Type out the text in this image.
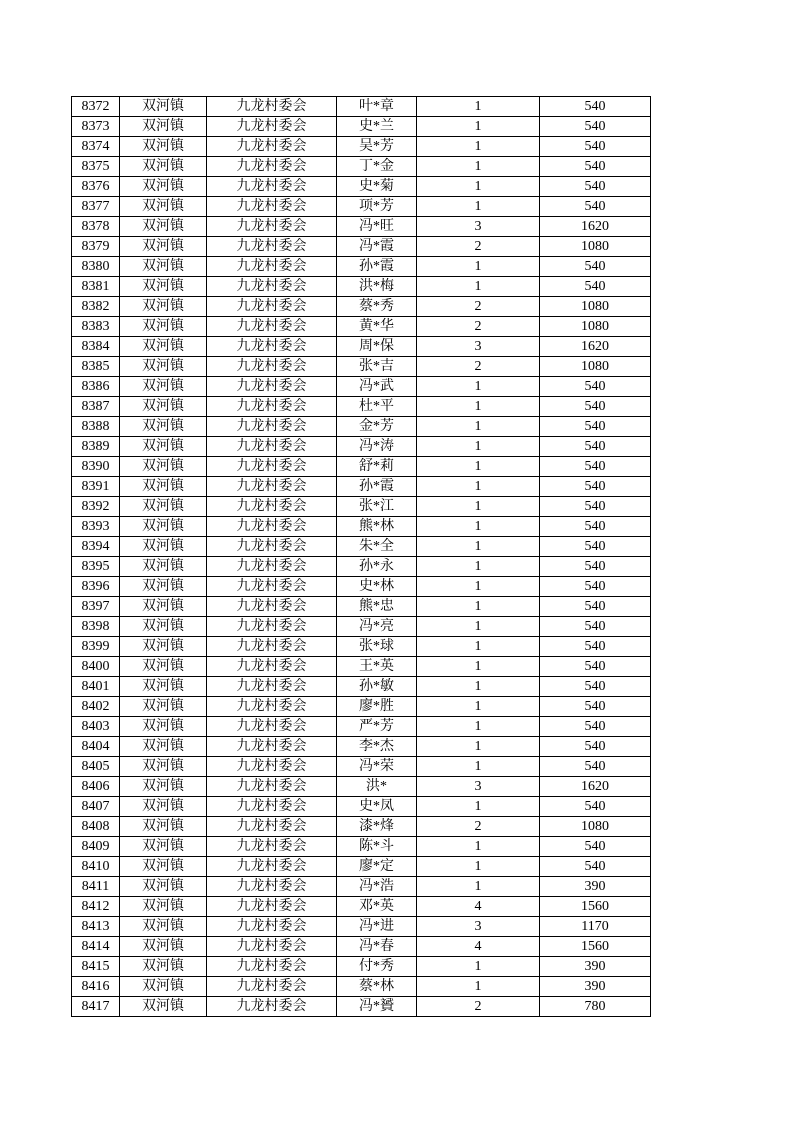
8372	双河镇	九龙村委会	叶*章	1	540
8373	双河镇	九龙村委会	史*兰	1	540
8374	双河镇	九龙村委会	吴*芳	1	540
8375	双河镇	九龙村委会	丁*金	1	540
8376	双河镇	九龙村委会	史*菊	1	540
8377	双河镇	九龙村委会	项*芳	1	540
8378	双河镇	九龙村委会	冯*旺	3	1620
8379	双河镇	九龙村委会	冯*霞	2	1080
8380	双河镇	九龙村委会	孙*霞	1	540
8381	双河镇	九龙村委会	洪*梅	1	540
8382	双河镇	九龙村委会	蔡*秀	2	1080
8383	双河镇	九龙村委会	黄*华	2	1080
8384	双河镇	九龙村委会	周*保	3	1620
8385	双河镇	九龙村委会	张*吉	2	1080
8386	双河镇	九龙村委会	冯*武	1	540
8387	双河镇	九龙村委会	杜*平	1	540
8388	双河镇	九龙村委会	金*芳	1	540
8389	双河镇	九龙村委会	冯*涛	1	540
8390	双河镇	九龙村委会	舒*莉	1	540
8391	双河镇	九龙村委会	孙*霞	1	540
8392	双河镇	九龙村委会	张*江	1	540
8393	双河镇	九龙村委会	熊*林	1	540
8394	双河镇	九龙村委会	朱*全	1	540
8395	双河镇	九龙村委会	孙*永	1	540
8396	双河镇	九龙村委会	史*林	1	540
8397	双河镇	九龙村委会	熊*忠	1	540
8398	双河镇	九龙村委会	冯*亮	1	540
8399	双河镇	九龙村委会	张*球	1	540
8400	双河镇	九龙村委会	王*英	1	540
8401	双河镇	九龙村委会	孙*敏	1	540
8402	双河镇	九龙村委会	廖*胜	1	540
8403	双河镇	九龙村委会	严*芳	1	540
8404	双河镇	九龙村委会	李*杰	1	540
8405	双河镇	九龙村委会	冯*荣	1	540
8406	双河镇	九龙村委会	洪*	3	1620
8407	双河镇	九龙村委会	史*凤	1	540
8408	双河镇	九龙村委会	漆*烽	2	1080
8409	双河镇	九龙村委会	陈*斗	1	540
8410	双河镇	九龙村委会	廖*定	1	540
8411	双河镇	九龙村委会	冯*浩	1	390
8412	双河镇	九龙村委会	邓*英	4	1560
8413	双河镇	九龙村委会	冯*进	3	1170
8414	双河镇	九龙村委会	冯*春	4	1560
8415	双河镇	九龙村委会	付*秀	1	390
8416	双河镇	九龙村委会	蔡*林	1	390
8417	双河镇	九龙村委会	冯*贇	2	780
